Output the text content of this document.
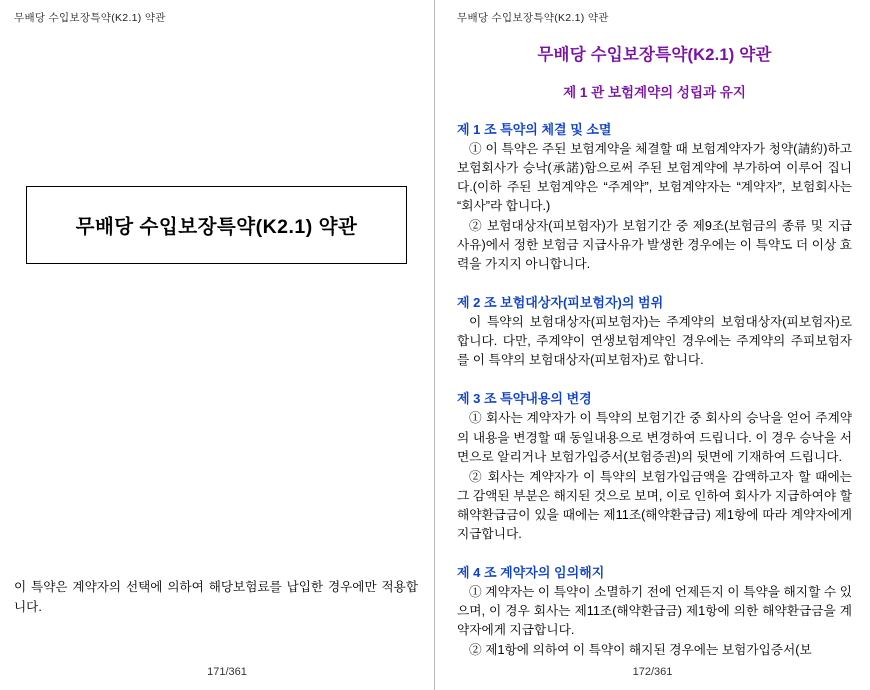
무배당 수입보장특약(K2.1) 약관
무배당 수입보장특약(K2.1) 약관
이 특약은 계약자의 선택에 의하여 해당보험료를 납입한 경우에만 적용합니다.
171/361
무배당 수입보장특약(K2.1) 약관
무배당 수입보장특약(K2.1) 약관
제 1 관 보험계약의 성립과 유지
제 1 조 특약의 체결 및 소멸

① 이 특약은 주된 보험계약을 체결할 때 보험계약자가 청약(請約)하고 보험회사가 승낙(承諾)함으로써 주된 보험계약에 부가하여 이루어 집니다.(이하 주된 보험계약은 “주계약”, 보험계약자는 “계약자”, 보험회사는 “회사”라 합니다.)

② 보험대상자(피보험자)가 보험기간 중 제9조(보험금의 종류 및 지급사유)에서 정한 보험금 지급사유가 발생한 경우에는 이 특약도 더 이상 효력을 가지지 아니합니다.

제 2 조 보험대상자(피보험자)의 범위

이 특약의 보험대상자(피보험자)는 주계약의 보험대상자(피보험자)로 합니다. 다만, 주계약이 연생보험계약인 경우에는 주계약의 주피보험자를 이 특약의 보험대상자(피보험자)로 합니다.

제 3 조 특약내용의 변경

① 회사는 계약자가 이 특약의 보험기간 중 회사의 승낙을 얻어 주계약의 내용을 변경할 때 동일내용으로 변경하여 드립니다. 이 경우 승낙을 서면으로 알리거나 보험가입증서(보험증권)의 뒷면에 기재하여 드립니다.

② 회사는 계약자가 이 특약의 보험가입금액을 감액하고자 할 때에는 그 감액된 부분은 해지된 것으로 보며, 이로 인하여 회사가 지급하여야 할 해약환급금이 있을 때에는 제11조(해약환급금) 제1항에 따라 계약자에게 지급합니다.

제 4 조 계약자의 임의해지

① 계약자는 이 특약이 소멸하기 전에 언제든지 이 특약을 해지할 수 있으며, 이 경우 회사는 제11조(해약환급금) 제1항에 의한 해약환급금을 계약자에게 지급합니다.

② 제1항에 의하여 이 특약이 해지된 경우에는 보험가입증서(보

172/361
